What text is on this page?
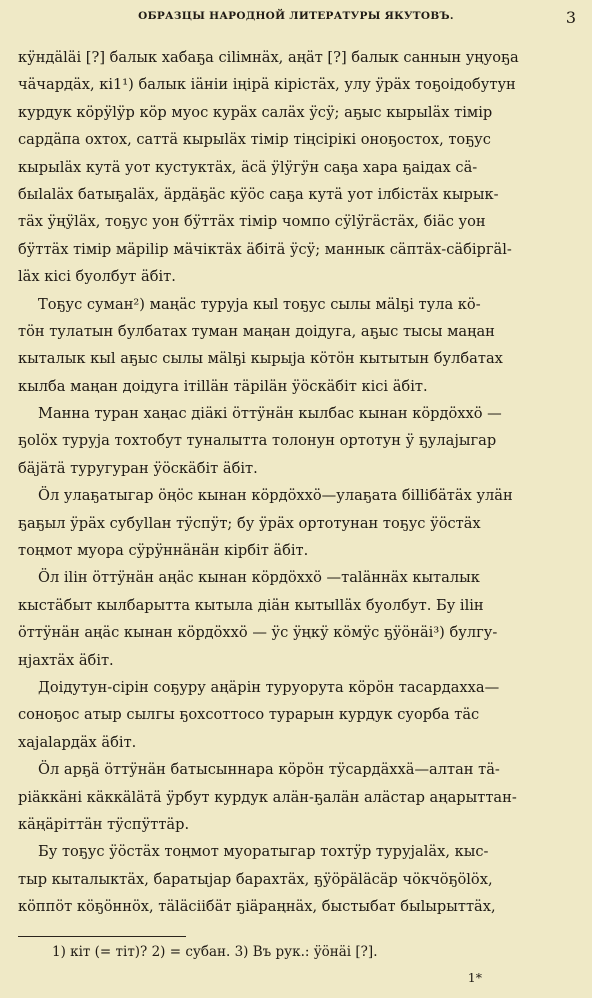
ОБРАЗЦЫ НАРОДНОЙ ЛИТЕРАТУРЫ ЯКУТОВЪ.	3
кӱндӓlӓі [?] балык хабаҕа сіlімнӓх, аңӓт [?] балык саннын уңуоҕа
чӓчардӓх, кі1¹) балык іӓніи іңірӓ кірістӓх, улу ӱрӓх тоҕоідобутун
курдук кӧрӱlӱр кӧр муос курӓх салӓх ӱсӱ; аҕыс кырыlӓх тімір
сардӓпа охтох, саттӓ кырыlӓх тімір тіңсірікі оноҕостох, тоҕус
кырыlӓх кутӓ уот кустуктӓх, ӓсӓ ӱlӱгӱн саҕа хара ҕаідах сӓ-
быlаlӓх батыҕаlӓх, ӓрдӓҕӓс кӱӧс саҕа кутӓ уот ілбістӓх кырык-
тӓх ӱңӱlӓх, тоҕус уон бӱттӓх тімір чомпо сӱlӱгӓстӓх, біӓс уон
бӱттӓх тімір мӓріlір мӓчіктӓх ӓбітӓ ӱсӱ; маннык сӓптӓх-сӓбіргӓl-
lӓх кісі буолбут ӓбіт.
Тоҕус суман²) маңӓс туруја кыl тоҕус сылы мӓlҕі тула кӧ-
тӧн тулатын булбатах туман маңан доідуга, аҕыс тысы маңан
кыталык кыl аҕыс сылы мӓlҕі кырыја кӧтӧн кытытын булбатах
кылба маңан доідуга ітіllӓн тӓріlӓн ӱӧскӓбіт кісі ӓбіт.
Манна туран хаңас діӓкі ӧттӱнӓн кылбас кынан кӧрдӧххӧ —
ҕоlӧх туруја тохтобут туналытта толонун ортотун ӱ ҕулајыгар
бӓјӓтӓ туругуран ӱӧскӓбіт ӓбіт.
Ӧл улаҕатыгар ӧңӧс кынан кӧрдӧххӧ—улаҕата біllібӓтӓх улӓн
ҕаҕыл ӱрӓх субуllан тӱспӱт; бу ӱрӓх ортотунан тоҕус ӱӧстӓх
тоңмот муора сӱрӱннӓнӓн кірбіт ӓбіт.
Ӧл іlін ӧттӱнӓн аңӓс кынан кӧрдӧххӧ —таlӓннӓх кыталык
кыстӓбыт кылбарытта кытыла діӓн кытыllӓх буолбут. Бу іlін
ӧттӱнӓн аңӓс кынан кӧрдӧххӧ — ӱс ӱңкӱ кӧмӱс ҕӱӧнӓі³) булгу-
нјахтӓх ӓбіт.
Доідутун-сірін соҕуру аңӓрін туруорута кӧрӧн тасардаххa—
соноҕос атыр сылгы ҕохсоттосо турарын курдук суорба тӓс
хајаlардӓх ӓбіт.
Ӧл арҕӓ ӧттӱнӓн батысыннара кӧрӧн тӱсардӓххӓ—алтан тӓ-
ріӓккӓні кӓккӓlӓтӓ ӱрбут курдук алӓн-ҕалӓн алӓстар аңарыттан-
кӓңӓріттӓн тӱспӱттӓр.
Бу тоҕус ӱӧстӓх тоңмот муоратыгар тохтӱр туруjаlӓх, кыс-
тыр кыталыктӓх, баратыјар барахтӓх, ҕӱӧрӓlӓсӓр чӧкчӧҕӧlӧх,
кӧппӧт кӧҕӧннӧх, тӓlӓсіібӓт ҕіӓраңнӓх, быстыбат быlырыттӓх,
1) кіт (= тіт)? 2) = субан. 3) Въ рук.: ӱӧнӓі [?].
1*
